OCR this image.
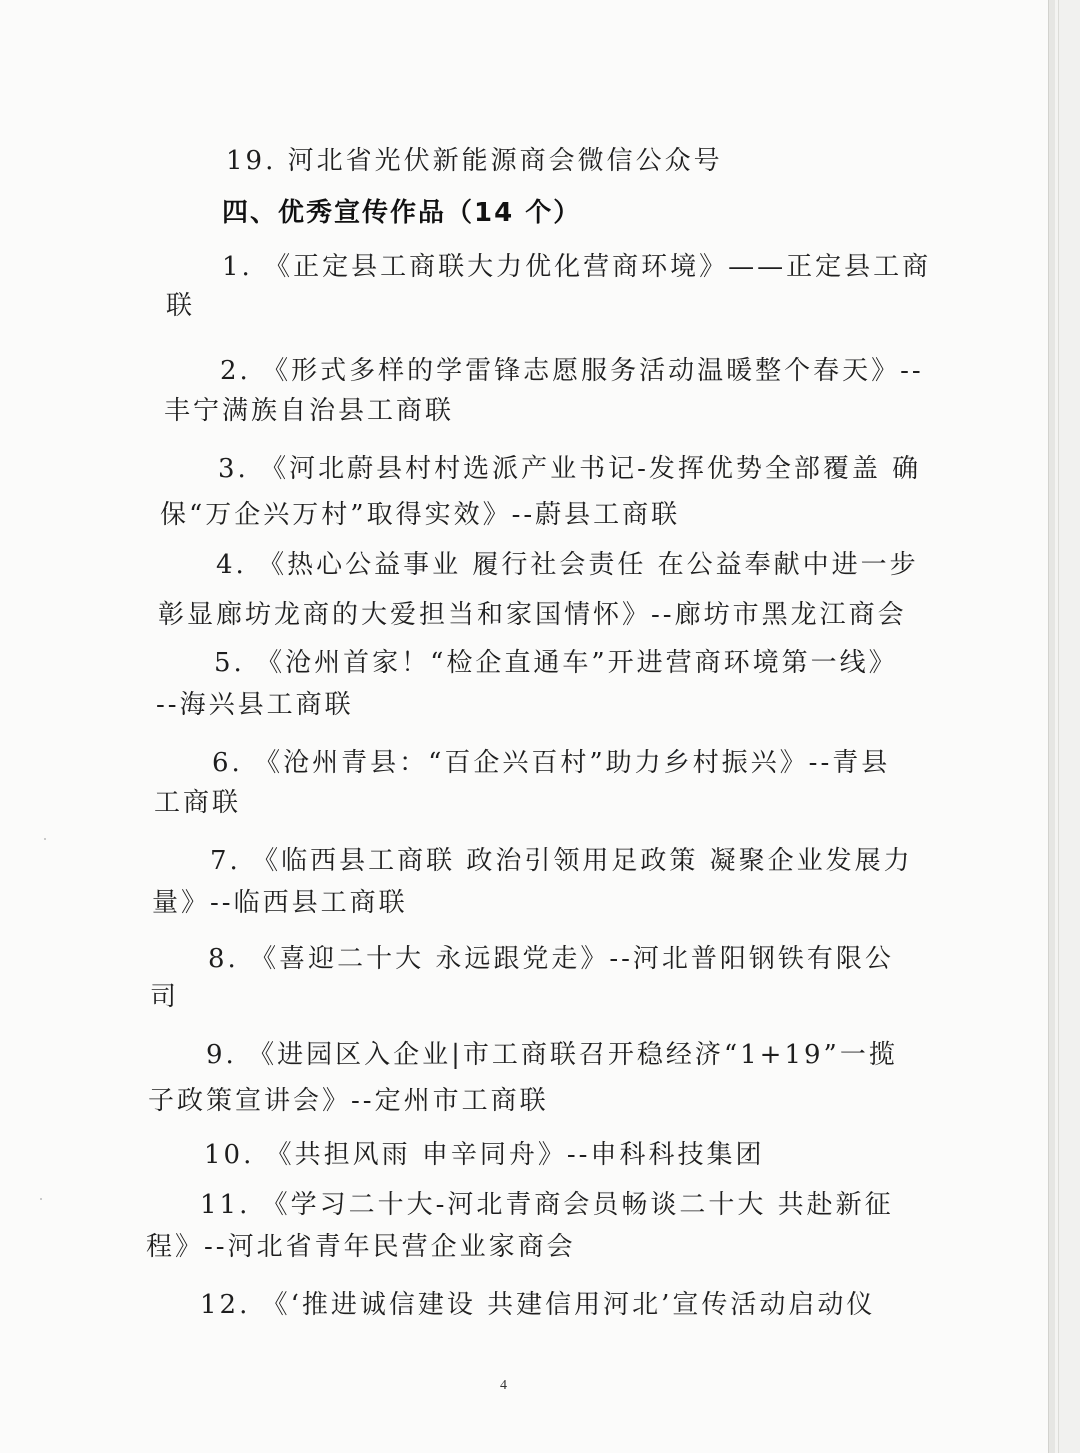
19. 河北省光伏新能源商会微信公众号
四、优秀宣传作品（14 个）
1. 《正定县工商联大力优化营商环境》——正定县工商
联
2. 《形式多样的学雷锋志愿服务活动温暖整个春天》--
丰宁满族自治县工商联
3. 《河北蔚县村村选派产业书记-发挥优势全部覆盖 确
保“万企兴万村”取得实效》--蔚县工商联
4. 《热心公益事业 履行社会责任 在公益奉献中进一步
彰显廊坊龙商的大爱担当和家国情怀》--廊坊市黑龙江商会
5. 《沧州首家！“检企直通车”开进营商环境第一线》
--海兴县工商联
6. 《沧州青县：“百企兴百村”助力乡村振兴》--青县
工商联
7. 《临西县工商联 政治引领用足政策 凝聚企业发展力
量》--临西县工商联
8. 《喜迎二十大 永远跟党走》--河北普阳钢铁有限公
司
9. 《进园区入企业|市工商联召开稳经济“1+19”一揽
子政策宣讲会》--定州市工商联
10. 《共担风雨 申辛同舟》--申科科技集团
11. 《学习二十大-河北青商会员畅谈二十大 共赴新征
程》--河北省青年民营企业家商会
12. 《‘推进诚信建设 共建信用河北’宣传活动启动仪
4
